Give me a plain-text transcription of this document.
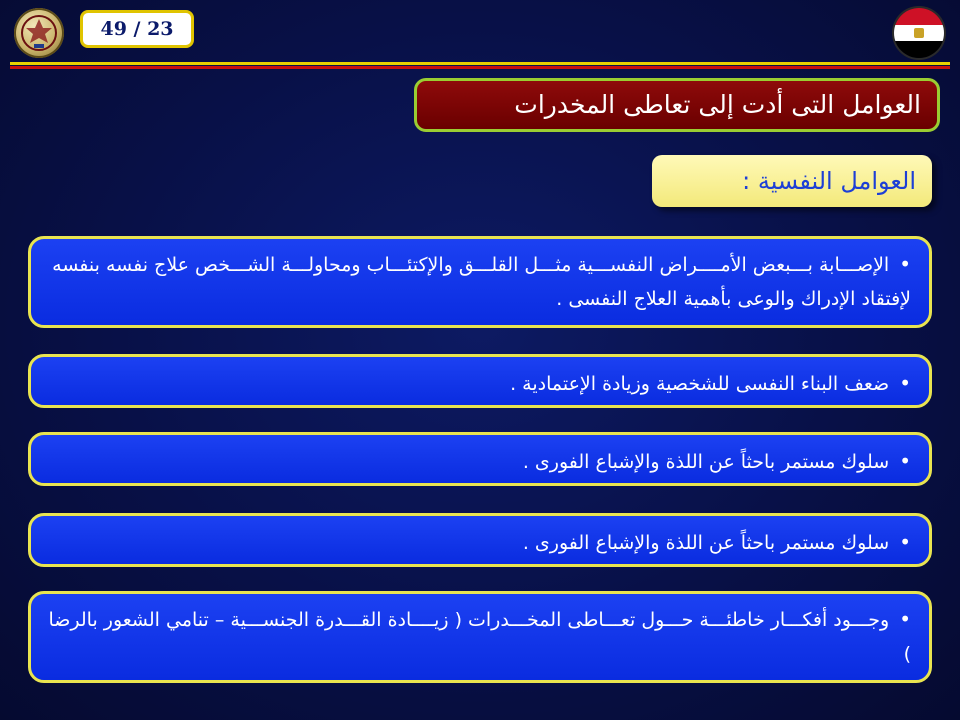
49 / 23
العوامل التى أدت إلى تعاطى المخدرات
العوامل النفسية :
•الإصـــابة بـــبعض الأمــــراض النفســـية مثـــل القلـــق والإكتئـــاب ومحاولـــة الشـــخص علاج نفسه بنفسه لإفتقاد الإدراك والوعى بأهمية العلاج النفسى .
•ضعف البناء النفسى للشخصية وزيادة الإعتمادية .
•سلوك مستمر باحثاً عن اللذة والإشباع الفورى .
•سلوك مستمر باحثاً عن اللذة والإشباع الفورى .
•وجـــود أفكـــار خاطئـــة حـــول تعـــاطى المخـــدرات ( زيــــادة القـــدرة الجنســـية – تنامي الشعور بالرضا )
